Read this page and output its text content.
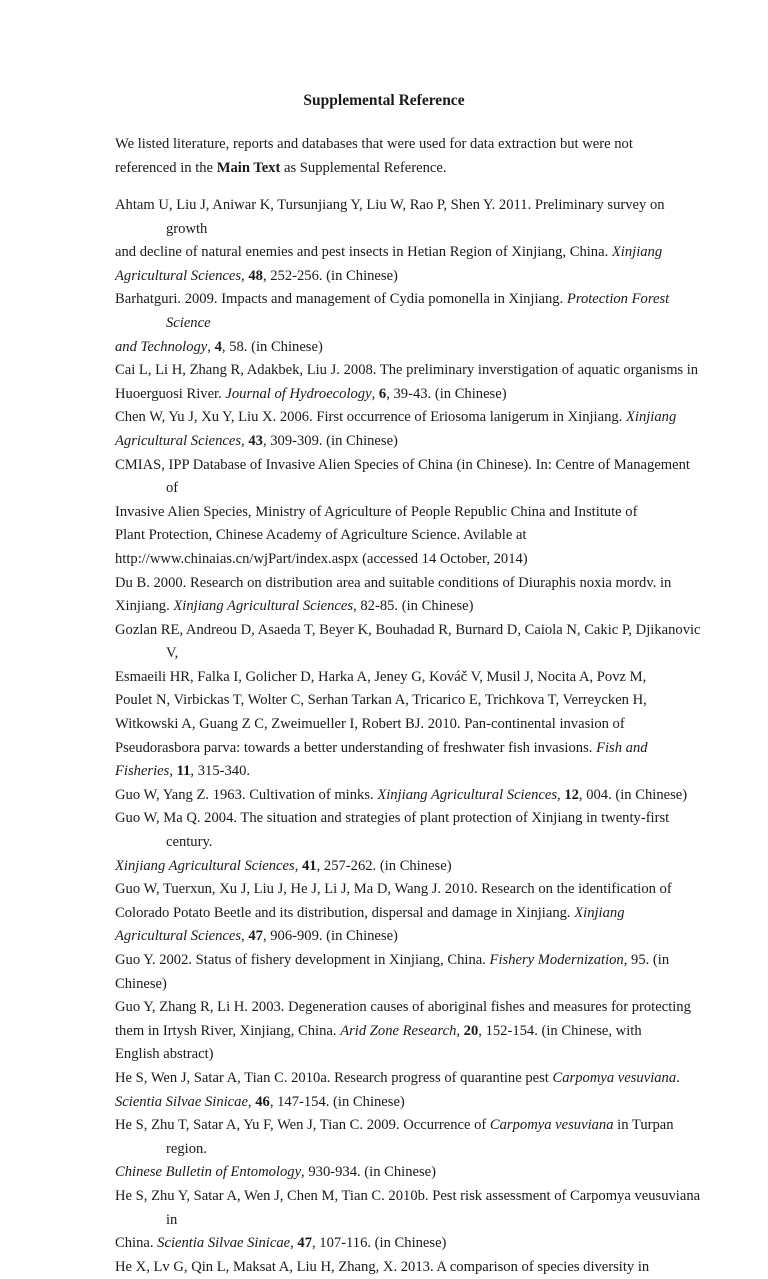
Supplemental Reference
We listed literature, reports and databases that were used for data extraction but were not referenced in the Main Text as Supplemental Reference.
Ahtam U, Liu J, Aniwar K, Tursunjiang Y, Liu W, Rao P, Shen Y. 2011. Preliminary survey on growth
and decline of natural enemies and pest insects in Hetian Region of Xinjiang, China. Xinjiang
Agricultural Sciences, 48, 252-256. (in Chinese)
Barhatguri. 2009. Impacts and management of Cydia pomonella in Xinjiang. Protection Forest Science
and Technology, 4, 58. (in Chinese)
Cai L, Li H, Zhang R, Adakbek, Liu J. 2008. The preliminary inverstigation of aquatic organisms in
Huoerguosi River. Journal of Hydroecology, 6, 39-43. (in Chinese)
Chen W, Yu J, Xu Y, Liu X. 2006. First occurrence of Eriosoma lanigerum in Xinjiang. Xinjiang
Agricultural Sciences, 43, 309-309. (in Chinese)
CMIAS, IPP Database of Invasive Alien Species of China (in Chinese). In: Centre of Management of
Invasive Alien Species, Ministry of Agriculture of People Republic China and Institute of
Plant Protection, Chinese Academy of Agriculture Science. Avilable at
http://www.chinaias.cn/wjPart/index.aspx (accessed 14 October, 2014)
Du B. 2000. Research on distribution area and suitable conditions of Diuraphis noxia mordv. in
Xinjiang. Xinjiang Agricultural Sciences, 82-85. (in Chinese)
Gozlan RE, Andreou D, Asaeda T, Beyer K, Bouhadad R, Burnard D, Caiola N, Cakic P, Djikanovic V,
Esmaeili HR, Falka I, Golicher D, Harka A, Jeney G, Kováč V, Musil J, Nocita A, Povz M,
Poulet N, Virbickas T, Wolter C, Serhan Tarkan A, Tricarico E, Trichkova T, Verreycken H,
Witkowski A, Guang Z C, Zweimueller I, Robert BJ. 2010. Pan-continental invasion of
Pseudorasbora parva: towards a better understanding of freshwater fish invasions. Fish and
Fisheries, 11, 315-340.
Guo W, Yang Z. 1963. Cultivation of minks. Xinjiang Agricultural Sciences, 12, 004. (in Chinese)
Guo W, Ma Q. 2004. The situation and strategies of plant protection of Xinjiang in twenty-first century.
Xinjiang Agricultural Sciences, 41, 257-262. (in Chinese)
Guo W, Tuerxun, Xu J, Liu J, He J, Li J, Ma D, Wang J. 2010. Research on the identification of
Colorado Potato Beetle and its distribution, dispersal and damage in Xinjiang. Xinjiang
Agricultural Sciences, 47, 906-909. (in Chinese)
Guo Y. 2002. Status of fishery development in Xinjiang, China. Fishery Modernization, 95. (in
Chinese)
Guo Y, Zhang R, Li H. 2003. Degeneration causes of aboriginal fishes and measures for protecting
them in Irtysh River, Xinjiang, China. Arid Zone Research, 20, 152-154. (in Chinese, with
English abstract)
He S, Wen J, Satar A, Tian C. 2010a. Research progress of quarantine pest Carpomya vesuviana.
Scientia Silvae Sinicae, 46, 147-154. (in Chinese)
He S, Zhu T, Satar A, Yu F, Wen J, Tian C. 2009. Occurrence of Carpomya vesuviana in Turpan region.
Chinese Bulletin of Entomology, 930-934. (in Chinese)
He S, Zhu Y, Satar A, Wen J, Chen M, Tian C. 2010b. Pest risk assessment of Carpomya veusuviana in
China. Scientia Silvae Sinicae, 47, 107-116. (in Chinese)
He X, Lv G, Qin L, Maksat A, Liu H, Zhang, X. 2013. A comparison of species diversity in
